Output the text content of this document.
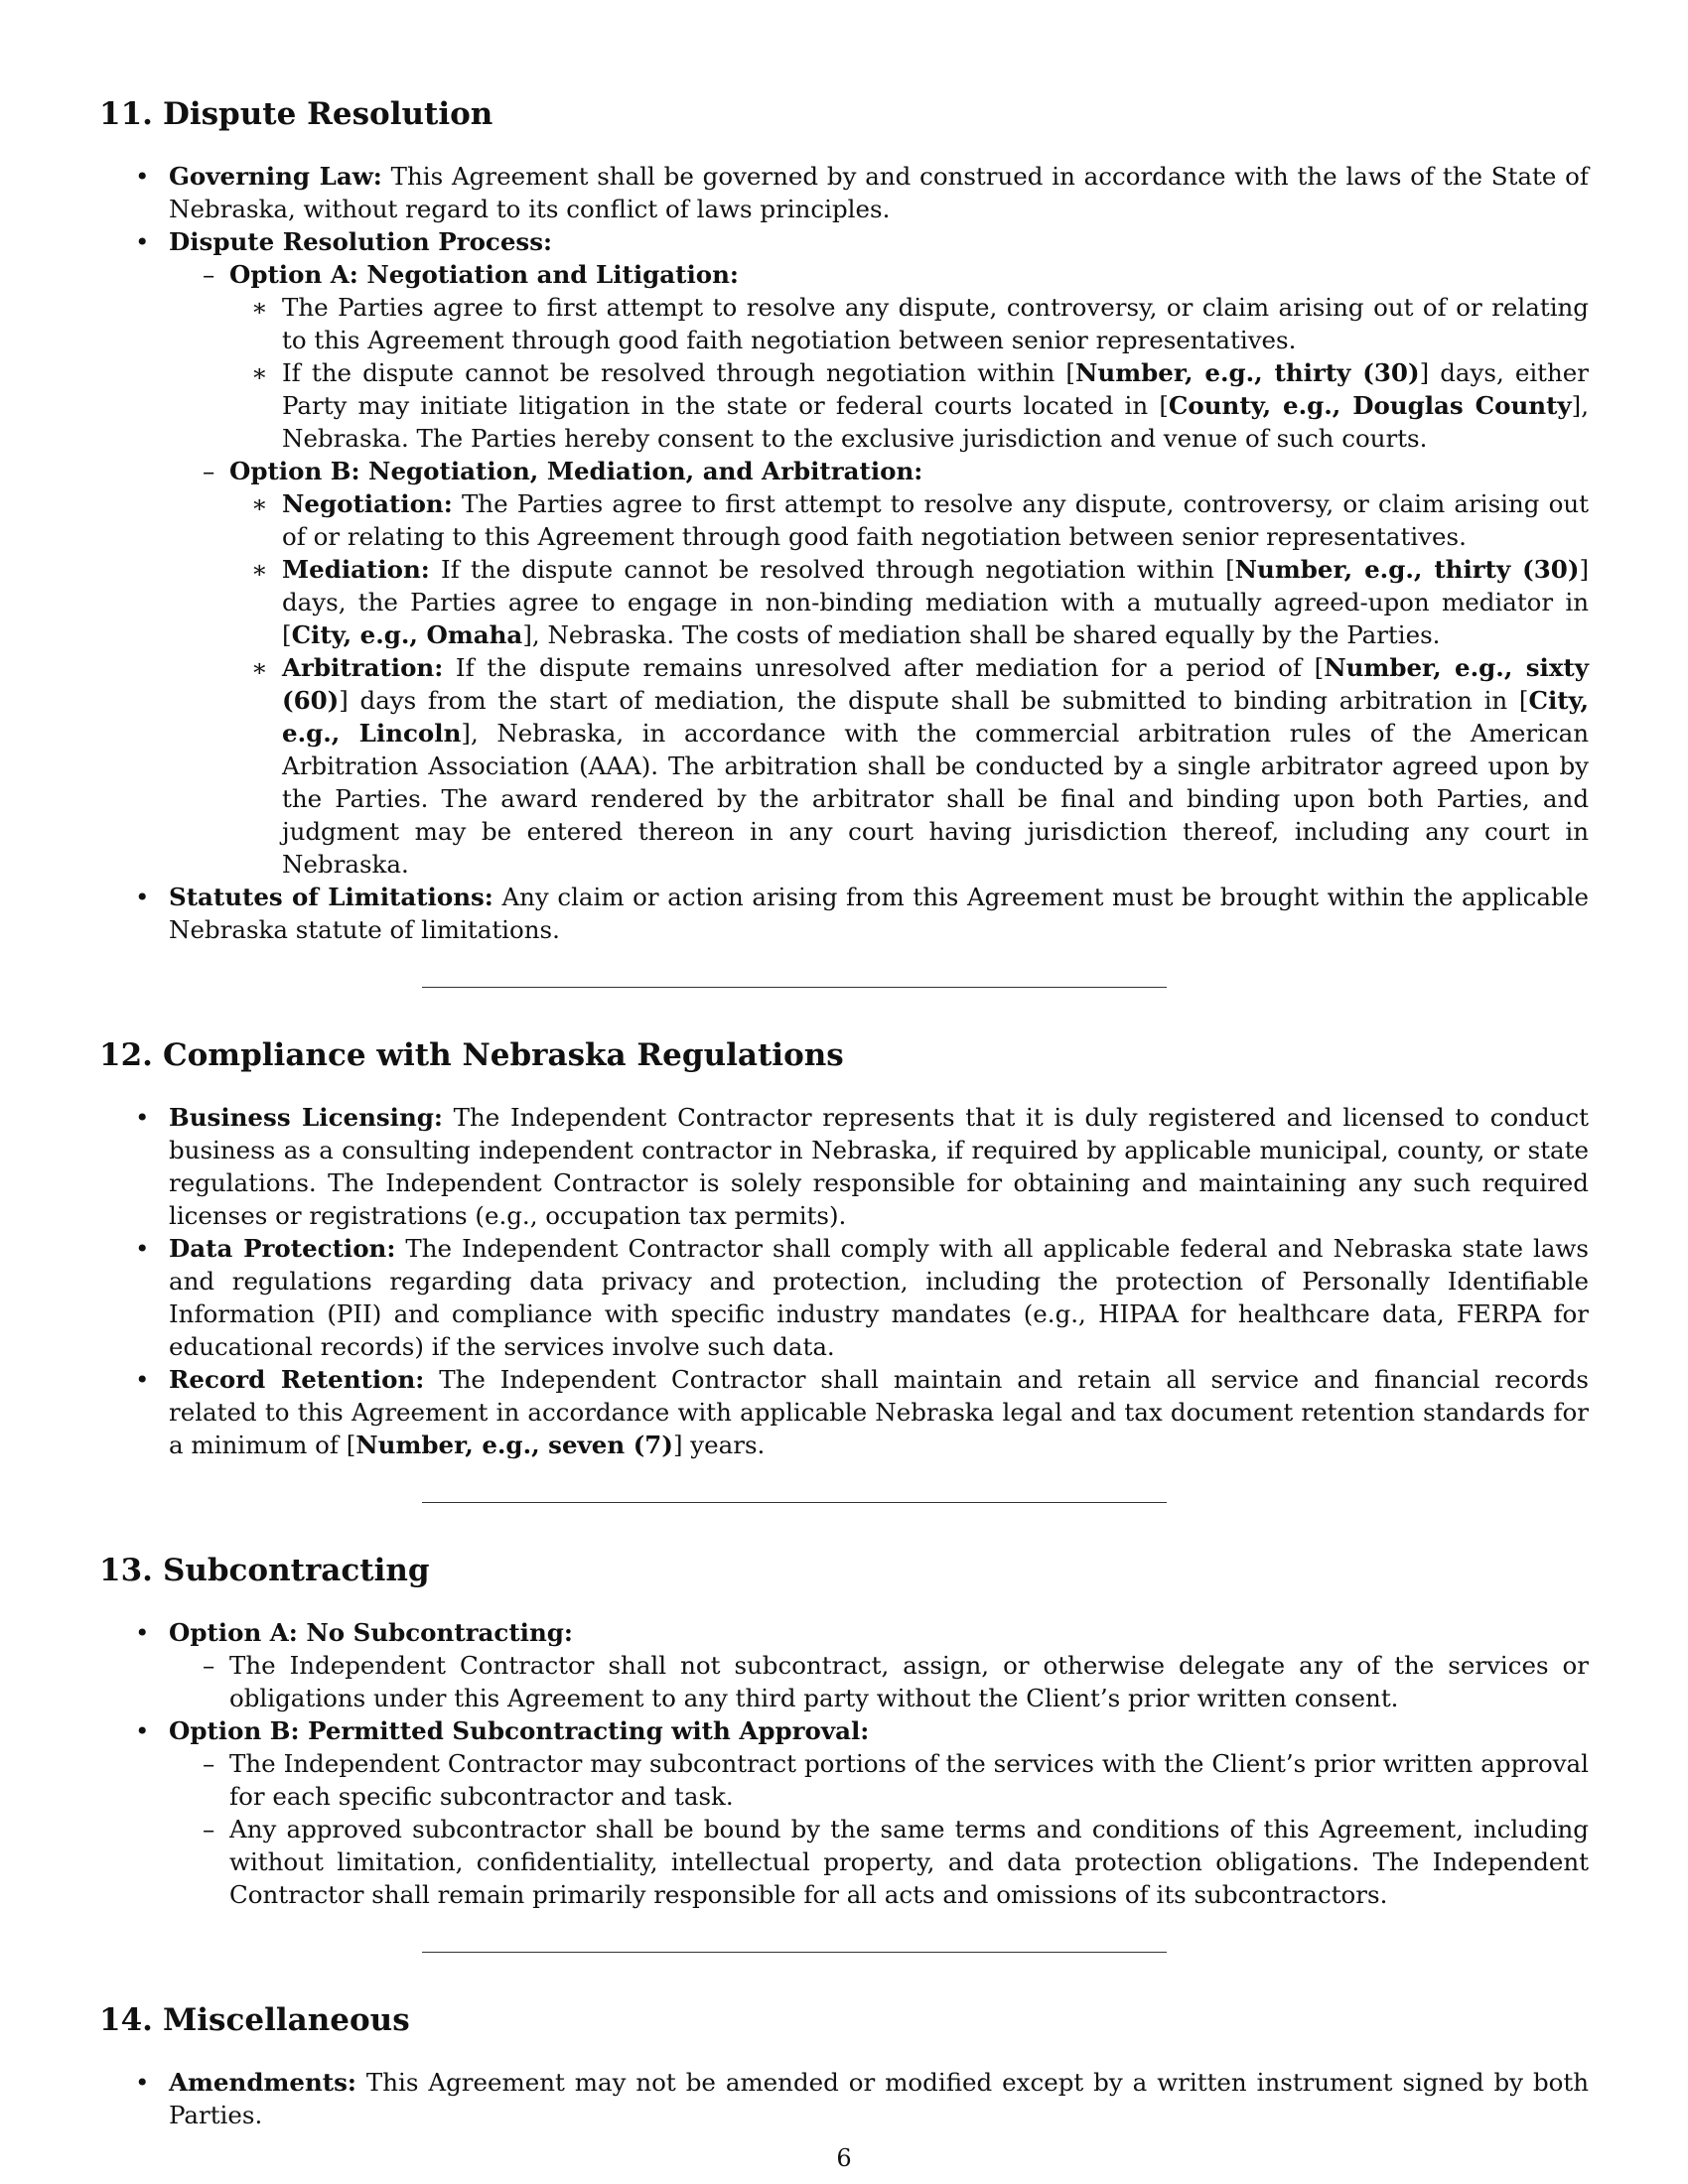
11. Dispute Resolution
• Governing Law: This Agreement shall be governed by and construed in accordance with the laws of the State of Nebraska, without regard to its conflict of laws principles.
• Dispute Resolution Process:
– Option A: Negotiation and Litigation:
∗ The Parties agree to first attempt to resolve any dispute, controversy, or claim arising out of or relating to this Agreement through good faith negotiation between senior representatives.
∗ If the dispute cannot be resolved through negotiation within [Number, e.g., thirty (30)] days, either Party may initiate litigation in the state or federal courts located in [County, e.g., Douglas County], Nebraska. The Parties hereby consent to the exclusive jurisdiction and venue of such courts.
– Option B: Negotiation, Mediation, and Arbitration:
∗ Negotiation: The Parties agree to first attempt to resolve any dispute, controversy, or claim arising out of or relating to this Agreement through good faith negotiation between senior representatives.
∗ Mediation: If the dispute cannot be resolved through negotiation within [Number, e.g., thirty (30)] days, the Parties agree to engage in non-binding mediation with a mutually agreed-upon mediator in [City, e.g., Omaha], Nebraska. The costs of mediation shall be shared equally by the Parties.
∗ Arbitration: If the dispute remains unresolved after mediation for a period of [Number, e.g., sixty (60)] days from the start of mediation, the dispute shall be submitted to binding arbitration in [City, e.g., Lincoln], Nebraska, in accordance with the commercial arbitration rules of the American Arbitration Association (AAA). The arbitration shall be conducted by a single arbitrator agreed upon by the Parties. The award rendered by the arbitrator shall be final and binding upon both Parties, and judgment may be entered thereon in any court having jurisdiction thereof, including any court in Nebraska.
• Statutes of Limitations: Any claim or action arising from this Agreement must be brought within the applicable Nebraska statute of limitations.
12. Compliance with Nebraska Regulations
• Business Licensing: The Independent Contractor represents that it is duly registered and licensed to conduct business as a consulting independent contractor in Nebraska, if required by applicable municipal, county, or state regulations. The Independent Contractor is solely responsible for obtaining and maintaining any such required licenses or registrations (e.g., occupation tax permits).
• Data Protection: The Independent Contractor shall comply with all applicable federal and Nebraska state laws and regulations regarding data privacy and protection, including the protection of Personally Identifiable Information (PII) and compliance with specific industry mandates (e.g., HIPAA for healthcare data, FERPA for educational records) if the services involve such data.
• Record Retention: The Independent Contractor shall maintain and retain all service and financial records related to this Agreement in accordance with applicable Nebraska legal and tax document retention standards for a minimum of [Number, e.g., seven (7)] years.
13. Subcontracting
• Option A: No Subcontracting:
– The Independent Contractor shall not subcontract, assign, or otherwise delegate any of the services or obligations under this Agreement to any third party without the Client’s prior written consent.
• Option B: Permitted Subcontracting with Approval:
– The Independent Contractor may subcontract portions of the services with the Client’s prior written approval for each specific subcontractor and task.
– Any approved subcontractor shall be bound by the same terms and conditions of this Agreement, including without limitation, confidentiality, intellectual property, and data protection obligations. The Independent Contractor shall remain primarily responsible for all acts and omissions of its subcontractors.
14. Miscellaneous
• Amendments: This Agreement may not be amended or modified except by a written instrument signed by both Parties.
6
